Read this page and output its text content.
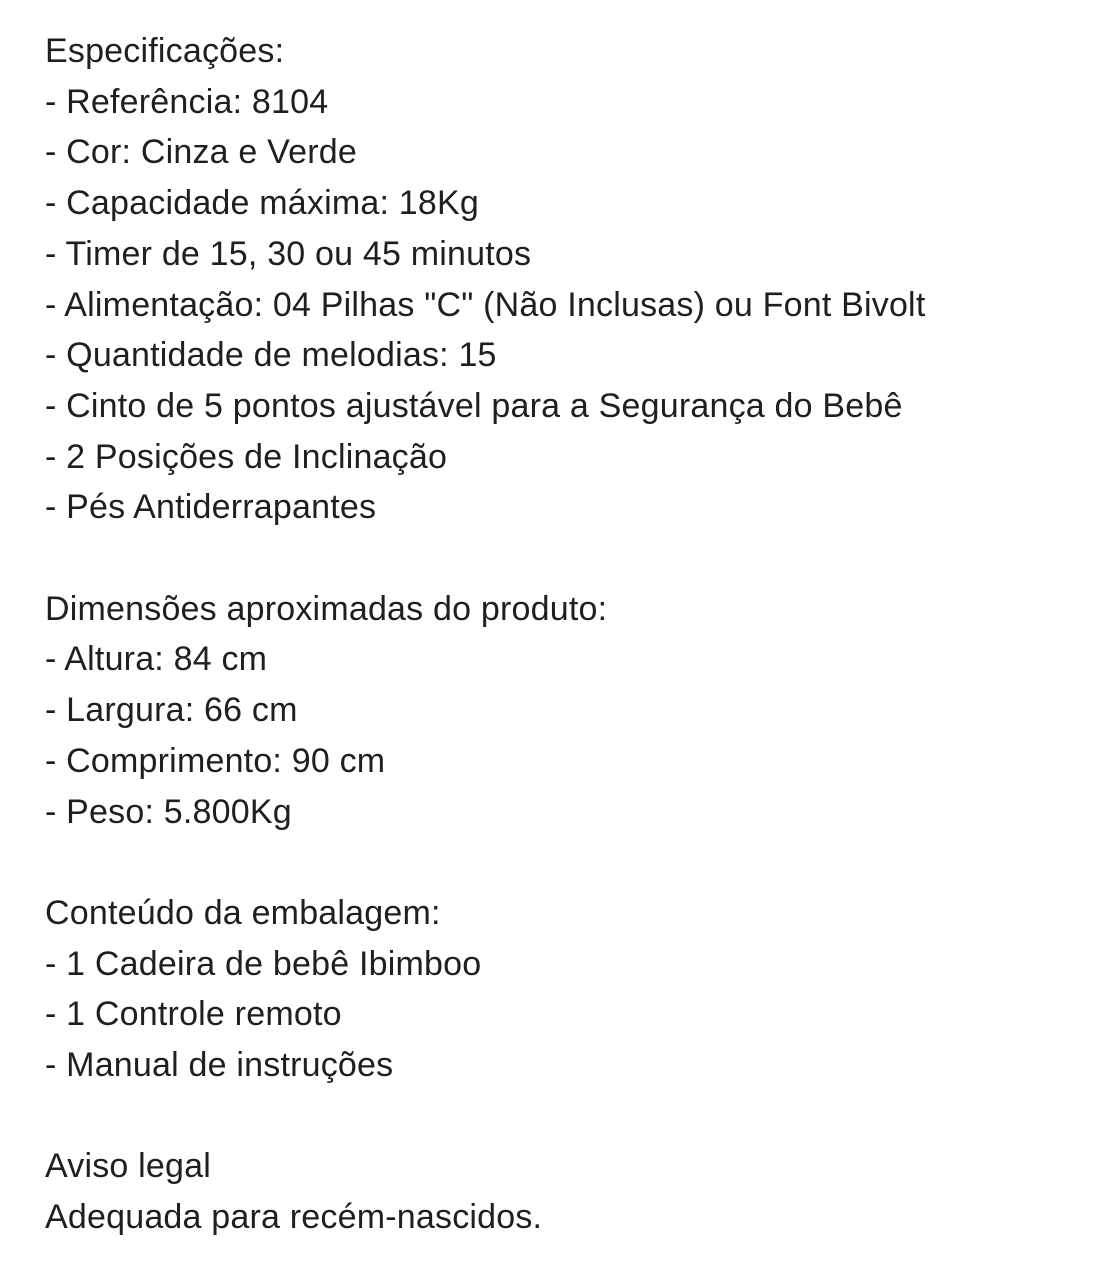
Especificações:
- Referência: 8104
- Cor: Cinza e Verde
- Capacidade máxima: 18Kg
- Timer de 15, 30 ou 45 minutos
- Alimentação: 04 Pilhas "C" (Não Inclusas) ou Font Bivolt
- Quantidade de melodias: 15
- Cinto de 5 pontos ajustável para a Segurança do Bebê
- 2 Posições de Inclinação
- Pés Antiderrapantes
Dimensões aproximadas do produto:
- Altura: 84 cm
- Largura: 66 cm
- Comprimento: 90 cm
- Peso: 5.800Kg
Conteúdo da embalagem:
- 1 Cadeira de bebê Ibimboo
- 1 Controle remoto
- Manual de instruções
Aviso legal
Adequada para recém-nascidos.
